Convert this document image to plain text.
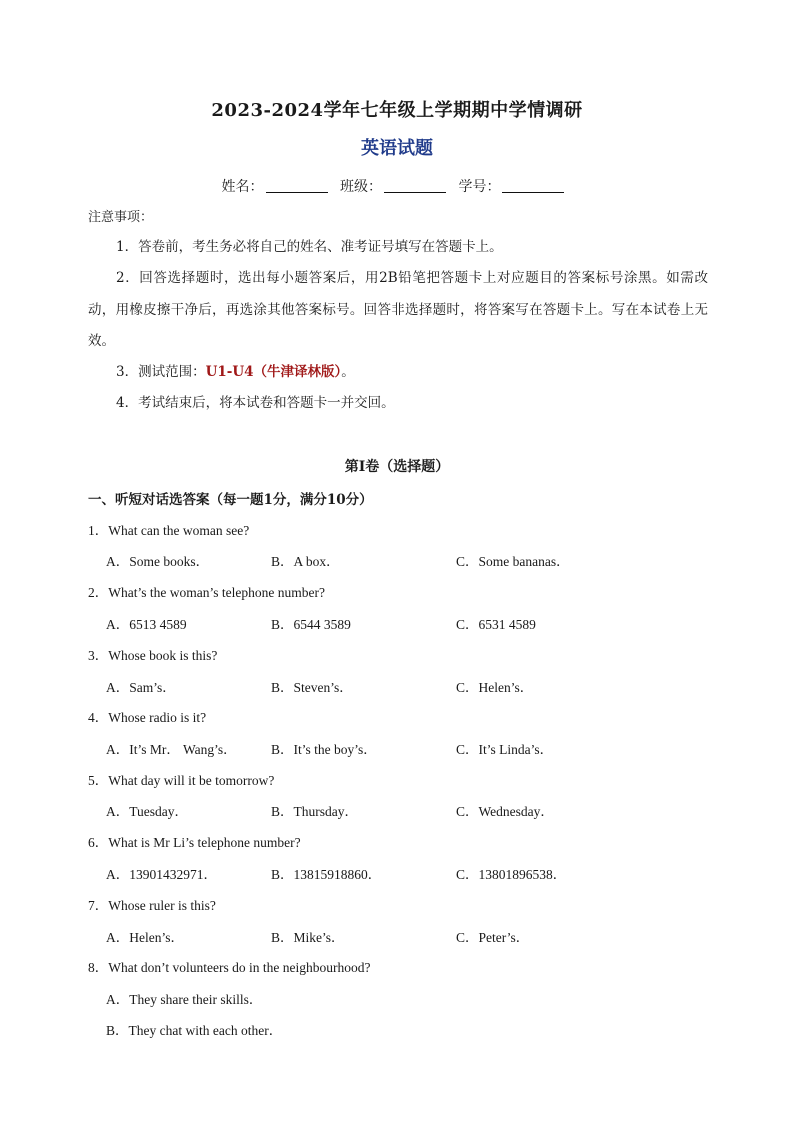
2023-2024学年七年级上学期期中学情调研
英语试题
姓名：	班级：	学号：
注意事项：
1．答卷前，考生务必将自己的姓名、准考证号填写在答题卡上。
2．回答选择题时，选出每小题答案后，用2B铅笔把答题卡上对应题目的答案标号涂黑。如需改动，用橡皮擦干净后，再选涂其他答案标号。回答非选择题时，将答案写在答题卡上。写在本试卷上无效。
3．测试范围：U1-U4（牛津译林版）。
4．考试结束后，将本试卷和答题卡一并交回。
第Ⅰ卷（选择题）
一、听短对话选答案（每一题1分，满分10分）
1．What can the woman see?
A．Some books．	B．A box．	C．Some bananas．
2．What’s the woman’s telephone number?
A．6513 4589	B．6544 3589	C．6531 4589
3．Whose book is this?
A．Sam’s．	B．Steven’s．	C．Helen’s．
4．Whose radio is it?
A．It’s Mr． Wang’s．	B．It’s the boy’s．	C．It’s Linda’s．
5．What day will it be tomorrow?
A．Tuesday．	B．Thursday．	C．Wednesday．
6．What is Mr Li’s telephone number?
A．13901432971．	B．13815918860．	C．13801896538．
7．Whose ruler is this?
A．Helen’s．	B．Mike’s．	C．Peter’s．
8．What don’t volunteers do in the neighbourhood?
A．They share their skills．
B．They chat with each other．
